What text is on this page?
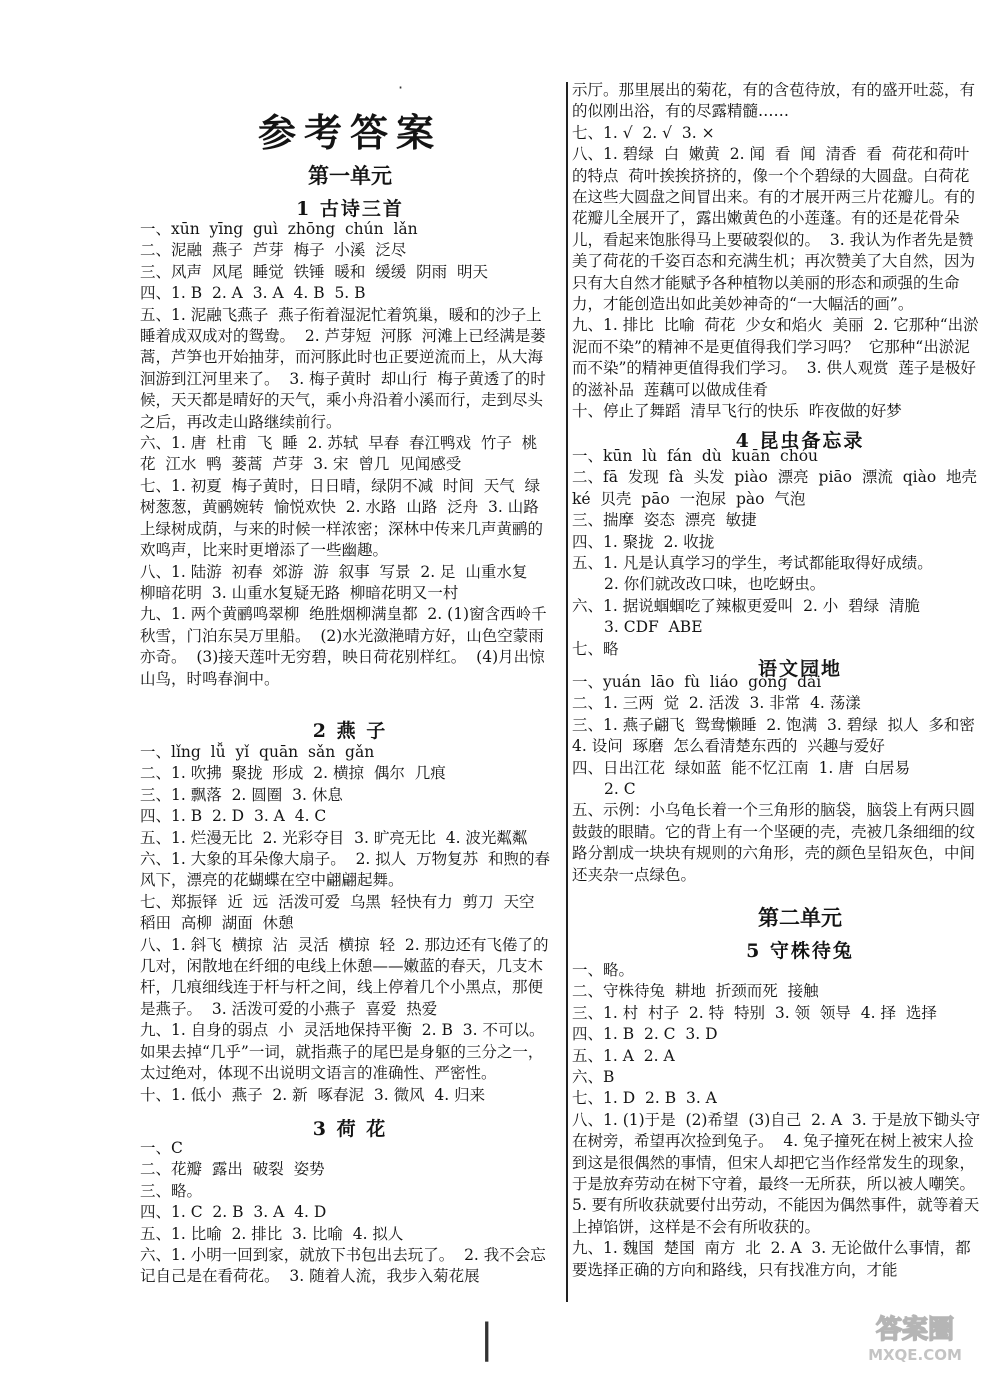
·
参考答案
第一单元
1 古诗三首
一、xūn  yīng  guì  zhōng  chún  lǎn
二、泥融  燕子  芦芽  梅子  小溪  泛尽
三、风声  风尾  睡觉  铁锤  暖和  缓缓  阴雨  明天
四、1. B  2. A  3. A  4. B  5. B
五、1. 泥融飞燕子  燕子衔着湿泥忙着筑巢，暖和的沙子上睡着成双成对的鸳鸯。  2. 芦芽短  河豚  河滩上已经满是蒌蒿，芦笋也开始抽芽，而河豚此时也正要逆流而上，从大海洄游到江河里来了。  3. 梅子黄时  却山行  梅子黄透了的时候，天天都是晴好的天气，乘小舟沿着小溪而行，走到尽头之后，再改走山路继续前行。
六、1. 唐  杜甫  飞  睡  2. 苏轼  早春  春江鸭戏  竹子  桃花  江水  鸭  蒌蒿  芦芽  3. 宋  曾几  见闻感受
七、1. 初夏  梅子黄时，日日晴，绿阴不减  时间  天气  绿树葱葱，黄鹂婉转  愉悦欢快  2. 水路  山路  泛舟  3. 山路上绿树成荫，与来的时候一样浓密；深林中传来几声黄鹂的欢鸣声，比来时更增添了一些幽趣。
八、1. 陆游  初春  郊游  游  叙事  写景  2. 足  山重水复  柳暗花明  3. 山重水复疑无路  柳暗花明又一村
九、1. 两个黄鹂鸣翠柳  绝胜烟柳满皇都  2. (1)窗含西岭千秋雪，门泊东吴万里船。  (2)水光潋滟晴方好，山色空蒙雨亦奇。  (3)接天莲叶无穷碧，映日荷花别样红。  (4)月出惊山鸟，时鸣春涧中。
2 燕 子
一、lǐng  lǚ  yǐ  quān  sǎn  gǎn
二、1. 吹拂  聚拢  形成  2. 横掠  偶尔  几痕
三、1. 飘落  2. 圆圈  3. 休息
四、1. B  2. D  3. A  4. C
五、1. 烂漫无比  2. 光彩夺目  3. 旷亮无比  4. 波光粼粼
六、1. 大象的耳朵像大扇子。  2. 拟人  万物复苏  和煦的春风下，漂亮的花蝴蝶在空中翩翩起舞。
七、郑振铎  近  远  活泼可爱  乌黑  轻快有力  剪刀  天空  稻田  高柳  湖面  休憩
八、1. 斜飞  横掠  沾  灵活  横掠  轻  2. 那边还有飞倦了的几对，闲散地在纤细的电线上休憩——嫩蓝的春天，几支木杆，几痕细线连于杆与杆之间，线上停着几个小黑点，那便是燕子。  3. 活泼可爱的小燕子  喜爱  热爱
九、1. 自身的弱点  小  灵活地保持平衡  2. B  3. 不可以。如果去掉“几乎”一词，就指燕子的尾巴是身躯的三分之一，太过绝对，体现不出说明文语言的准确性、严密性。
十、1. 低小  燕子  2. 新  啄春泥  3. 微风  4. 归来
3 荷 花
一、C
二、花瓣  露出  破裂  姿势
三、略。
四、1. C  2. B  3. A  4. D
五、1. 比喻  2. 排比  3. 比喻  4. 拟人
六、1. 小明一回到家，就放下书包出去玩了。  2. 我不会忘记自己是在看荷花。  3. 随着人流，我步入菊花展
|
示厅。那里展出的菊花，有的含苞待放，有的盛开吐蕊，有的似刚出浴，有的尽露精髓……
七、1. √  2. √  3. ×
八、1. 碧绿  白  嫩黄  2. 闻  看  闻  清香  看  荷花和荷叶的特点  荷叶挨挨挤挤的，像一个个碧绿的大圆盘。白荷花在这些大圆盘之间冒出来。有的才展开两三片花瓣儿。有的花瓣儿全展开了，露出嫩黄色的小莲蓬。有的还是花骨朵儿，看起来饱胀得马上要破裂似的。  3. 我认为作者先是赞美了荷花的千姿百态和充满生机；再次赞美了大自然，因为只有大自然才能赋予各种植物以美丽的形态和顽强的生命力，才能创造出如此美妙神奇的“一大幅活的画”。
九、1. 排比  比喻  荷花  少女和焰火  美丽  2. 它那种“出淤泥而不染”的精神不是更值得我们学习吗？  它那种“出淤泥而不染”的精神更值得我们学习。  3. 供人观赏  莲子是极好的滋补品  莲藕可以做成佳肴
十、停止了舞蹈  清早飞行的快乐  昨夜做的好梦
4 昆虫备忘录
一、kūn  lù  fán  dù  kuān  chóu
二、fā  发现  fà  头发  piào  漂亮  piāo  漂流  qiào  地壳  ké  贝壳  pāo  一泡尿  pào  气泡
三、揣摩  姿态  漂亮  敏捷
四、1. 聚拢  2. 收拢
五、1. 凡是认真学习的学生，考试都能取得好成绩。
2. 你们就改改口味，也吃蚜虫。
六、1. 据说蝈蝈吃了辣椒更爱叫  2. 小  碧绿  清脆
3. CDF  ABE
七、略
语文园地
一、yuán  lāo  fù  liáo  gòng  dài
二、1. 三两  觉  2. 活泼  3. 非常  4. 荡漾
三、1. 燕子翩飞  鸳鸯懒睡  2. 饱满  3. 碧绿  拟人  多和密  4. 设问  琢磨  怎么看清楚东西的  兴趣与爱好
四、日出江花  绿如蓝  能不忆江南  1. 唐  白居易
2. C
五、示例：小乌龟长着一个三角形的脑袋，脑袋上有两只圆鼓鼓的眼睛。它的背上有一个坚硬的壳，壳被几条细细的纹路分割成一块块有规则的六角形，壳的颜色呈铅灰色，中间还夹杂一点绿色。
第二单元
5 守株待兔
一、略。
二、守株待兔  耕地  折颈而死  接触
三、1. 村  村子  2. 特  特别  3. 领  领导  4. 择  选择
四、1. B  2. C  3. D
五、1. A  2. A
六、B
七、1. D  2. B  3. A
八、1. (1)于是  (2)希望  (3)自己  2. A  3. 于是放下锄头守在树旁，希望再次捡到兔子。  4. 兔子撞死在树上被宋人捡到这是很偶然的事情，但宋人却把它当作经常发生的现象，于是放弃劳动在树下守着，最终一无所获，所以被人嘲笑。  5. 要有所收获就要付出劳动，不能因为偶然事件，就等着天上掉馅饼，这样是不会有所收获的。
九、1. 魏国  楚国  南方  北  2. A  3. 无论做什么事情，都要选择正确的方向和路线，只有找准方向，才能
答案圈
MXQE.COM
